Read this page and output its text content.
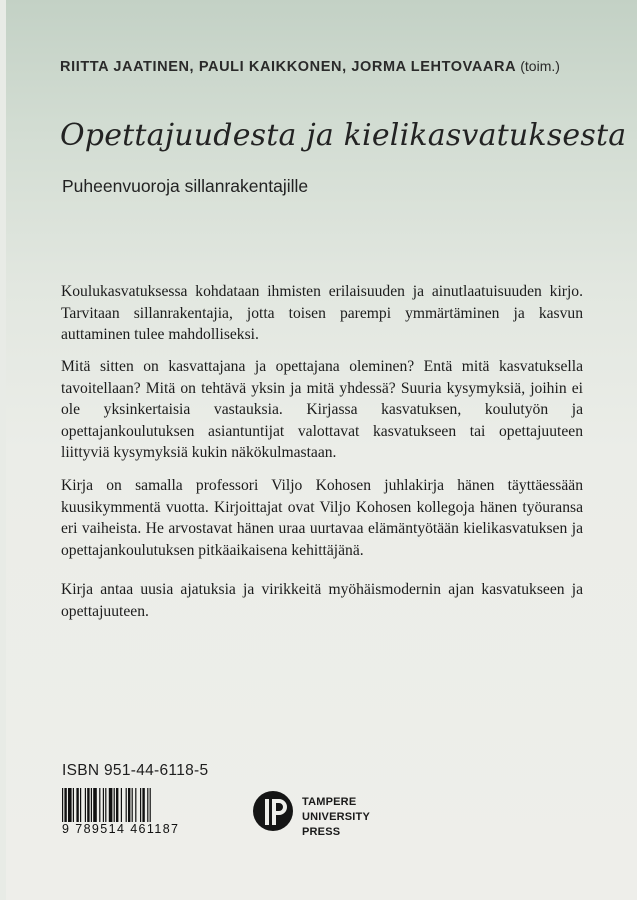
RIITTA JAATINEN, PAULI KAIKKONEN, JORMA LEHTOVAARA (toim.)
Opettajuudesta ja kielikasvatuksesta
Puheenvuoroja sillanrakentajille

Koulukasvatuksessa kohdataan ihmisten erilaisuuden ja ainutlaatuisuuden kirjo. Tarvitaan sillanrakentajia, jotta toisen parempi ymmärtäminen ja kasvun auttaminen tulee mahdolliseksi.

Mitä sitten on kasvattajana ja opettajana oleminen? Entä mitä kasvatuksella tavoitellaan? Mitä on tehtävä yksin ja mitä yhdessä? Suuria kysymyksiä, joihin ei ole yksinkertaisia vastauksia. Kirjassa kasvatuksen, koulutyön ja opettajankoulutuksen asiantuntijat valottavat kasvatukseen tai opettajuuteen liittyviä kysymyksiä kukin näkökulmastaan.

Kirja on samalla professori Viljo Kohosen juhlakirja hänen täyttäessään kuusikymmentä vuotta. Kirjoittajat ovat Viljo Kohosen kollegoja hänen työuransa eri vaiheista. He arvostavat hänen uraa uurtavaa elämäntyötään kielikasvatuksen ja opettajankoulutuksen pitkäaikaisena kehittäjänä.

Kirja antaa uusia ajatuksia ja virikkeitä myöhäismodernin ajan kasvatukseen ja opettajuuteen.

ISBN 951-44-6118-5
9 789514 461187
TAMPERE
UNIVERSITY
PRESS
